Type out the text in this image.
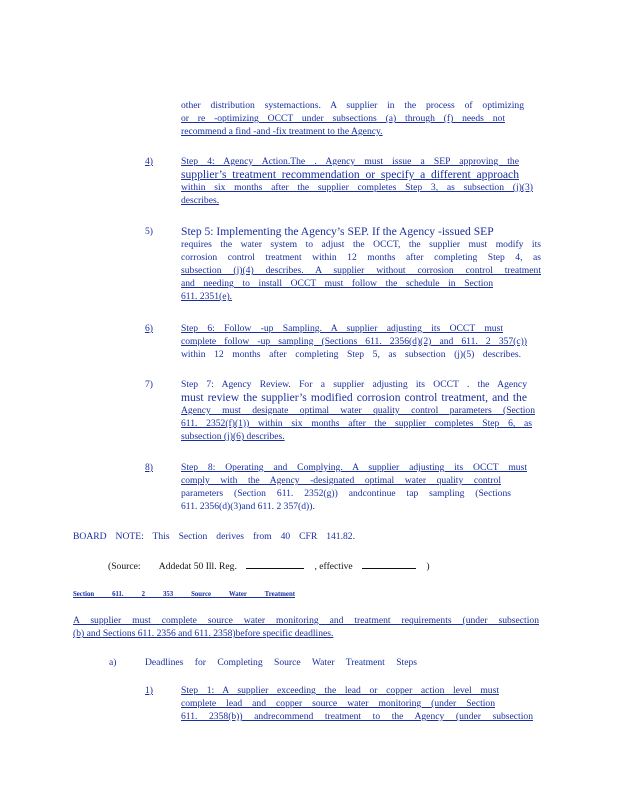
other distribution systemactions. A supplier in the process of optimizing
or re -optimizing OCCT under subsections (a) through (f) needs not
recommend a find -and -fix treatment to the Agency.
4)	Step 4: Agency Action.The . Agency must issue a SEP approving the
supplier’s treatment recommendation or specify a different approach
within six months after the supplier completes Step 3, as subsection (j)(3)
describes.
5) Step 5: Implementing the Agency’s SEP. If the Agency -issued SEP
requires the water system to adjust the OCCT, the supplier must modify its
corrosion control treatment within 12 months after completing Step 4, as
subsection (j)(4) describes. A supplier without corrosion control treatment
and needing to install OCCT must follow the schedule in Section
611. 2351(e).
6)	Step 6: Follow -up Sampling. A supplier adjusting its OCCT must
complete follow -up sampling (Sections 611. 2356(d)(2) and 611. 2 357(c))
within 12 months after completing Step 5, as subsection (j)(5) describes.
7)	Step 7: Agency Review. For a supplier adjusting its OCCT . the Agency
must review the supplier’s modified corrosion control treatment, and the
Agency must designate optimal water quality control parameters (Section
611. 2352(f)(1)) within six months after the supplier completes Step 6, as
subsection (j)(6) describes.
8)	Step 8: Operating and Complying. A supplier adjusting its OCCT must
comply with the Agency -designated optimal water quality control
parameters (Section 611. 2352(g)) andcontinue tap sampling (Sections
611. 2356(d)(3)and 611. 2 357(d)).
BOARD NOTE: This Section derives from 40 CFR 141.82.
(Source: Addedat 50 Ill. Reg.	, effective	)
Section 611. 2 353 Source Water Treatment
A supplier must complete source water monitoring and treatment requirements (under subsection
(b) and Sections 611. 2356 and 611. 2358)before specific deadlines.
a)	Deadlines for Completing Source Water Treatment Steps
1)	Step 1: A supplier exceeding the lead or copper action level must
complete lead and copper source water monitoring (under Section
611. 2358(b)) andrecommend treatment to the Agency (under subsection
